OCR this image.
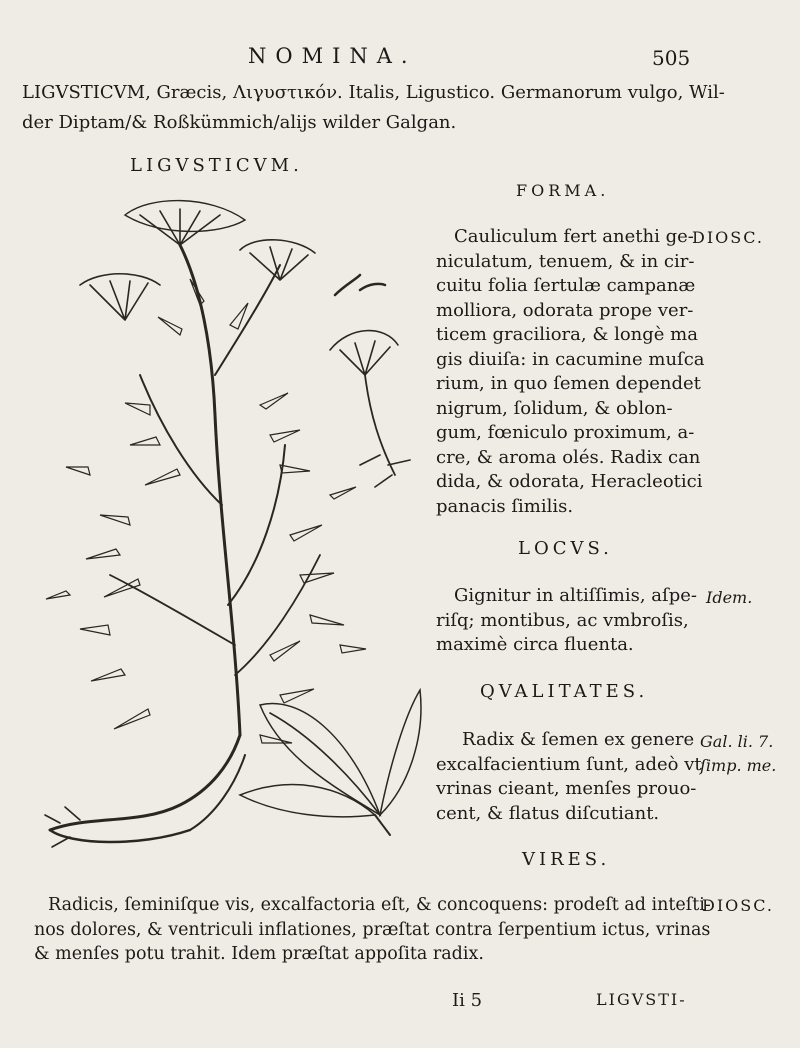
NOMINA.	505
LIGVSTICVM, Græcis, Λιγυστικόν. Italis, Ligustico. Germanorum vulgo, Wil-
der Diptam/& Roßkümmich/alijs wilder Galgan.
LIGVSTICVM.
FORMA.
DIOSC.
Cauliculum fert anethi ge-
niculatum, tenuem, & in cir-
cuitu folia ſertulæ campanæ
molliora, odorata prope ver-
ticem graciliora, & longè ma
gis diuiſa: in cacumine muſca
rium, in quo ſemen dependet
nigrum, ſolidum, & oblon-
gum, fœniculo proximum, a-
cre, & aroma olés. Radix can
dida, & odorata, Heracleotici
panacis ſimilis.
LOCVS.
Idem.
Gignitur in altiſſimis, aſpe-
riſq; montibus, ac vmbroſis,
maximè circa fluenta.
QVALITATES.
Gal. li. 7.
ſimp. me.
Radix & ſemen ex genere
excalfacientium ſunt, adeò vt
vrinas cieant, menſes prouo-
cent, & flatus diſcutiant.
VIRES.
DIOSC.
Radicis, ſeminiſque vis, excalfactoria eſt, & concoquens: prodeſt ad inteſti-
nos dolores, & ventriculi inflationes, præſtat contra ſerpentium ictus, vrinas
& menſes potu trahit. Idem præſtat appoſita radix.
Ii 5	LIGVSTI-
